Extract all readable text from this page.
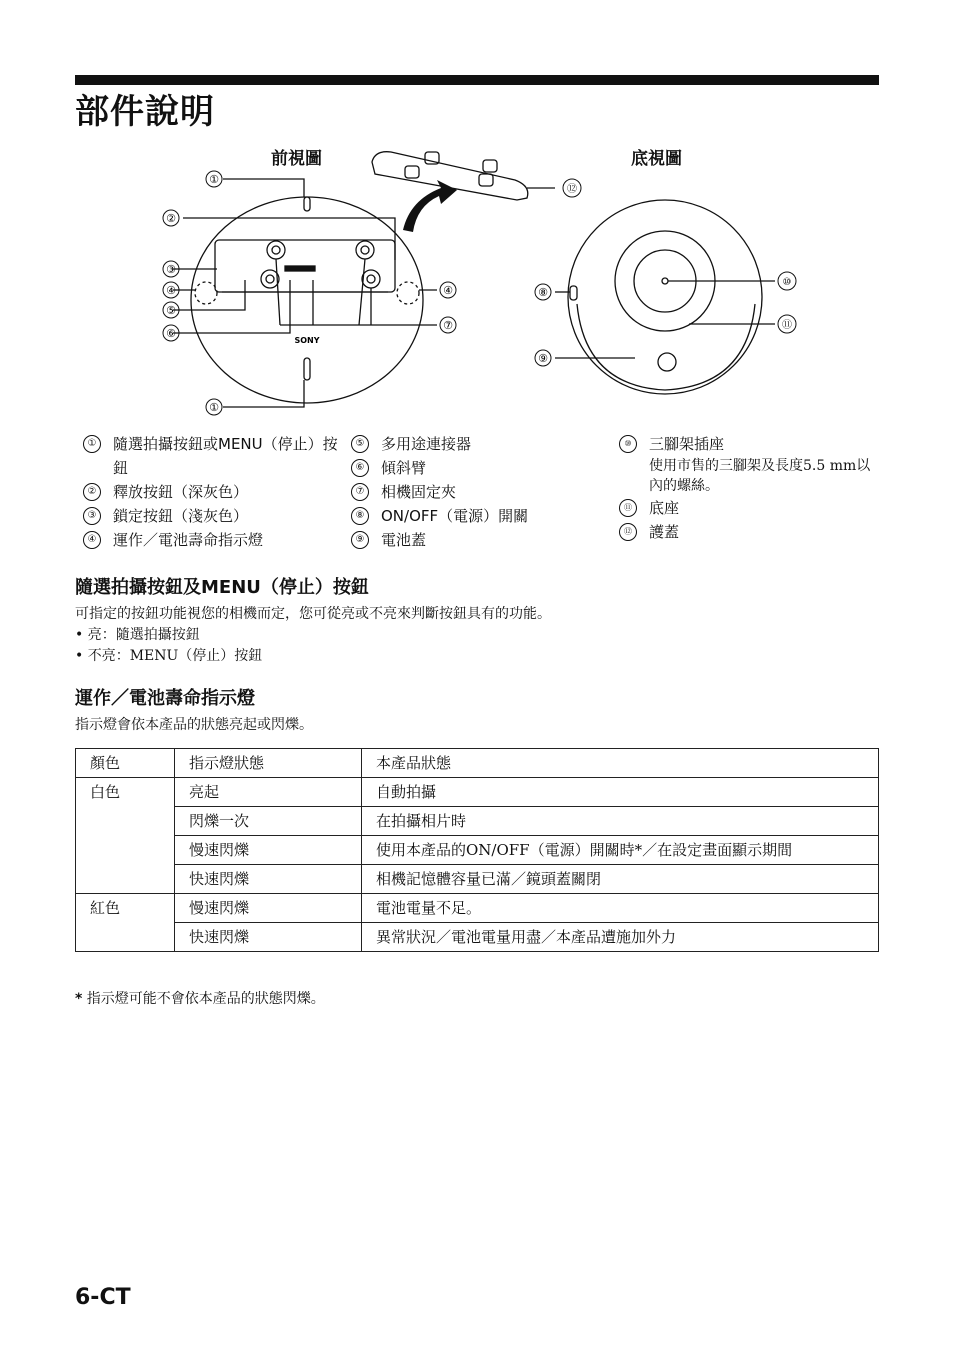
部件說明
前視圖	底視圖
SONY
①
②
③
④
⑤
⑥
④
⑦
①
⑫
⑧
⑨
⑩
⑪
①	隨選拍攝按鈕或MENU（停止）按鈕
②	釋放按鈕（深灰色）
③	鎖定按鈕（淺灰色）
④	運作／電池壽命指示燈
⑤	多用途連接器
⑥	傾斜臂
⑦	相機固定夾
⑧	ON/OFF（電源）開關
⑨	電池蓋
⑩	三腳架插座
使用市售的三腳架及長度5.5 mm以內的螺絲。
⑪	底座
⑫	護蓋
隨選拍攝按鈕及MENU（停止）按鈕
可指定的按鈕功能視您的相機而定，您可從亮或不亮來判斷按鈕具有的功能。
• 亮：隨選拍攝按鈕
• 不亮：MENU（停止）按鈕
運作／電池壽命指示燈
指示燈會依本產品的狀態亮起或閃爍。
顏色	指示燈狀態	本產品狀態
白色	亮起	自動拍攝
	閃爍一次	在拍攝相片時
	慢速閃爍	使用本產品的ON/OFF（電源）開關時*／在設定畫面顯示期間
	快速閃爍	相機記憶體容量已滿／鏡頭蓋關閉
紅色	慢速閃爍	電池電量不足。
	快速閃爍	異常狀況／電池電量用盡／本產品遭施加外力
* 指示燈可能不會依本產品的狀態閃爍。
6-CT
